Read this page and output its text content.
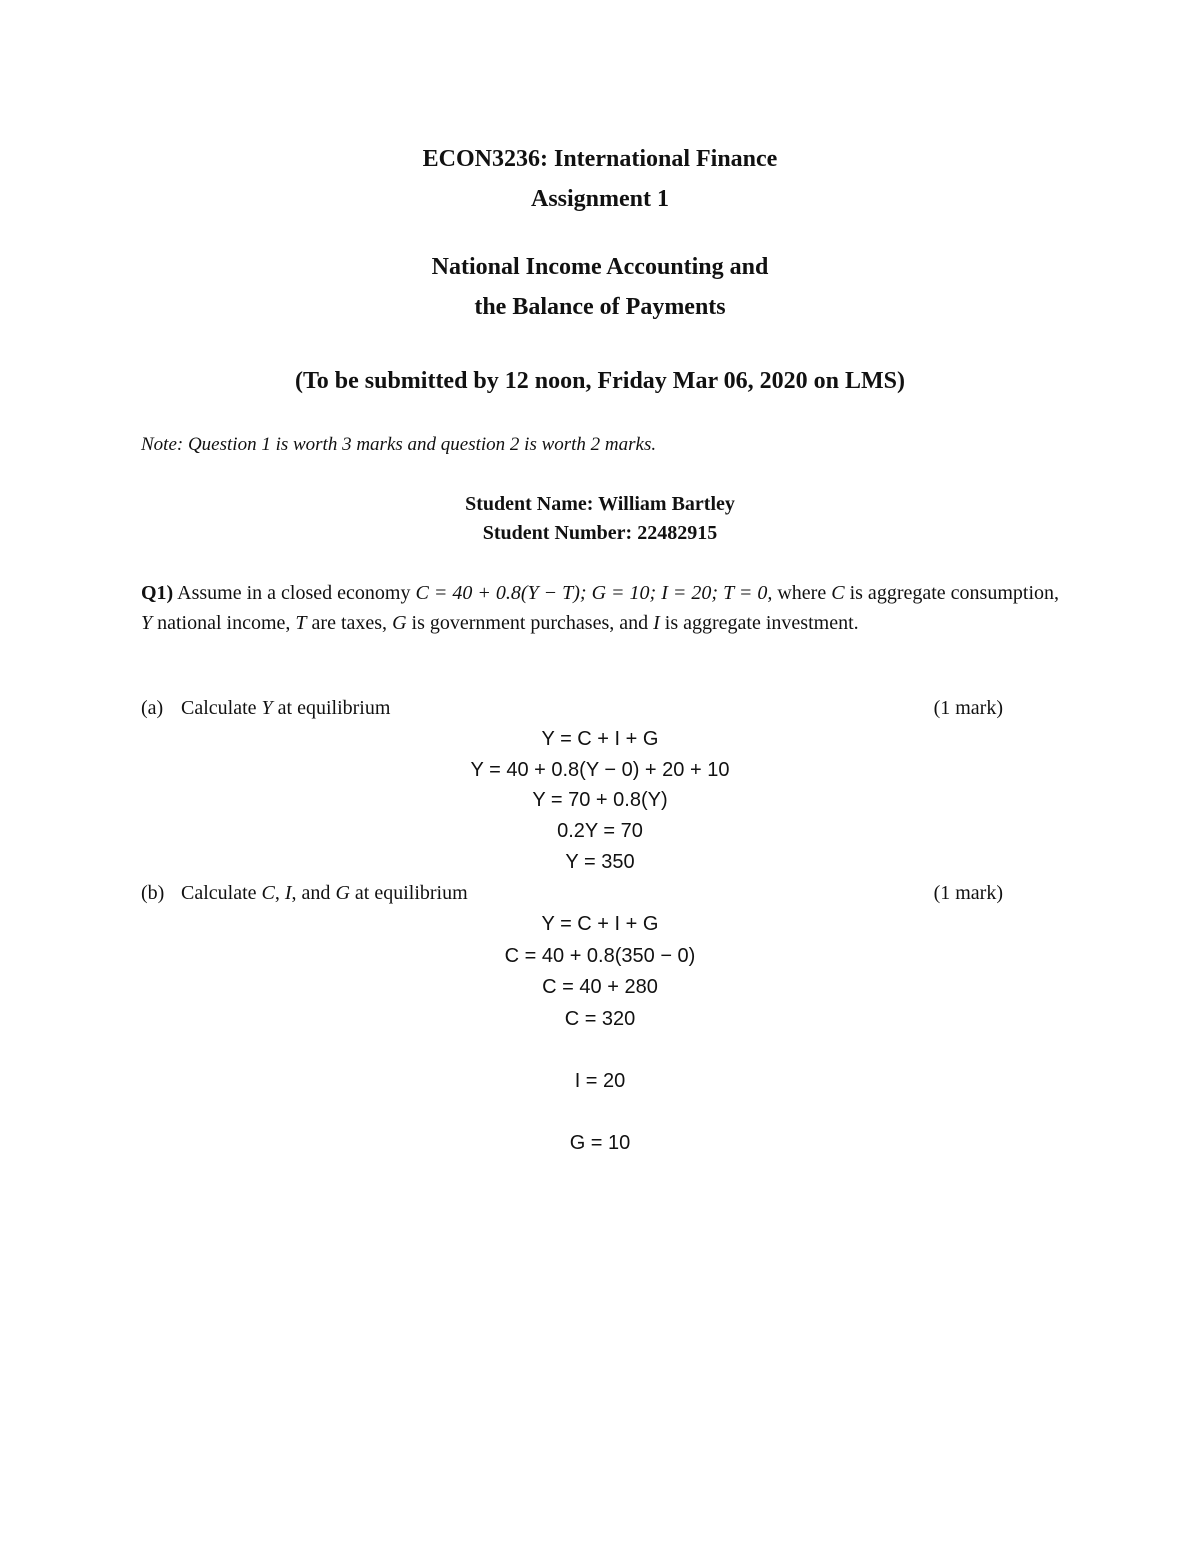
ECON3236: International Finance
Assignment 1
National Income Accounting and
the Balance of Payments
(To be submitted by 12 noon, Friday Mar 06, 2020 on LMS)
Note: Question 1 is worth 3 marks and question 2 is worth 2 marks.
Student Name: William Bartley
Student Number: 22482915
Q1) Assume in a closed economy C = 40 + 0.8(Y − T); G = 10; I = 20; T = 0, where C is aggregate consumption, Y national income, T are taxes, G is government purchases, and I is aggregate investment.
(a) Calculate Y at equilibrium	(1 mark)
Y = C + I + G
Y = 40 + 0.8(Y − 0) + 20 + 10
Y = 70 + 0.8(Y)
0.2Y = 70
Y = 350
(b) Calculate C, I, and G at equilibrium	(1 mark)
Y = C + I + G
C = 40 + 0.8(350 − 0)
C = 40 + 280
C = 320
I = 20
G = 10
